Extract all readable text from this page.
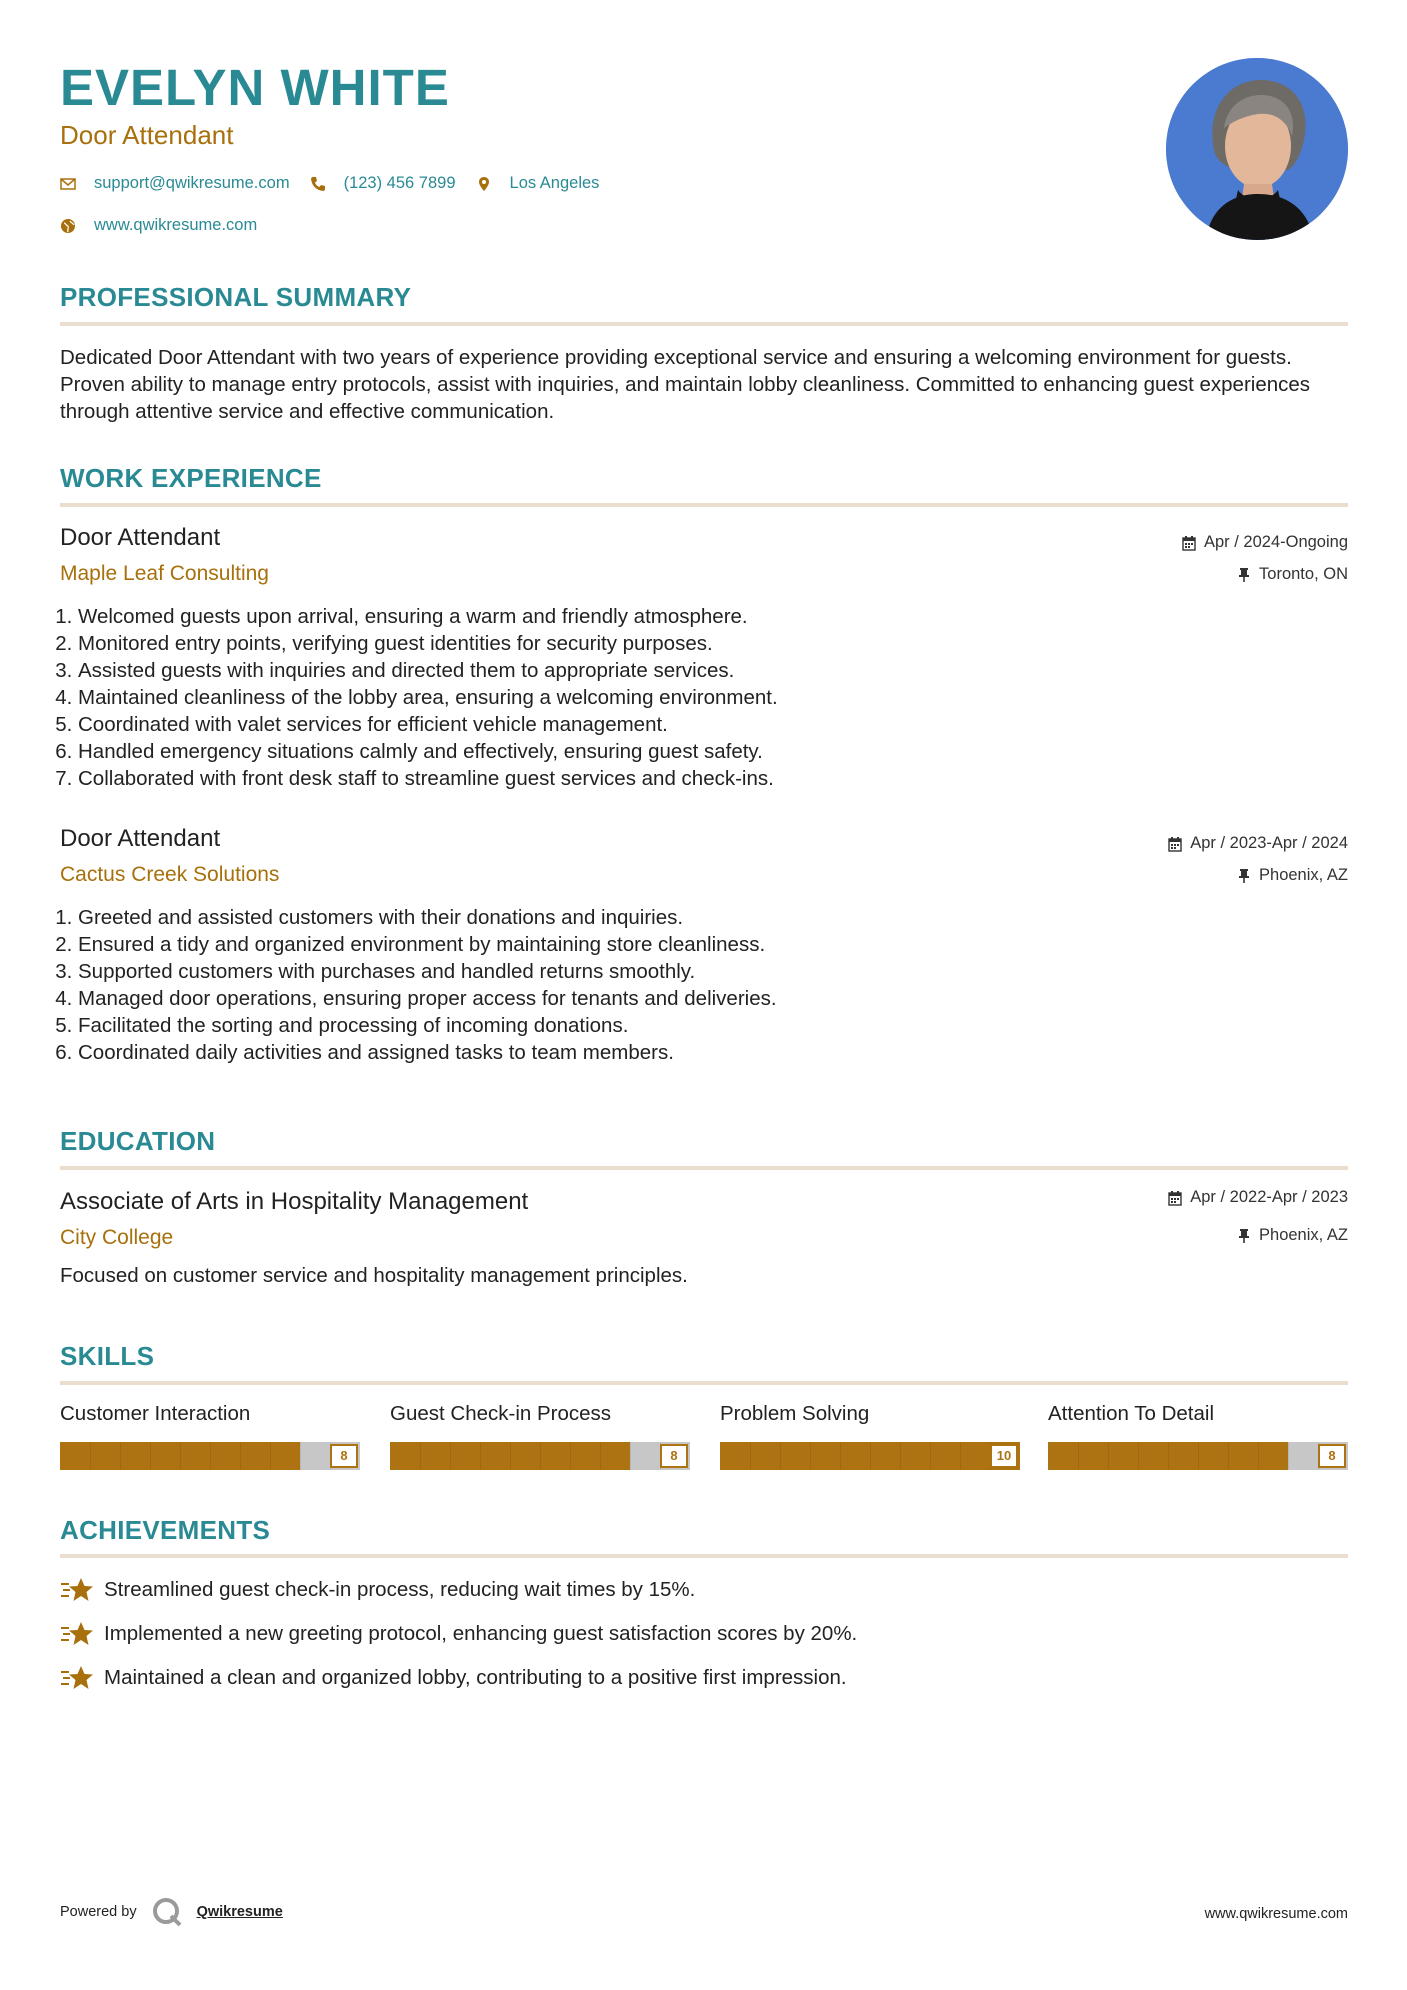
EVELYN WHITE
Door Attendant
support@qwikresume.com	(123) 456 7899	Los Angeles
www.qwikresume.com
PROFESSIONAL SUMMARY
Dedicated Door Attendant with two years of experience providing exceptional service and ensuring a welcoming environment for guests. Proven ability to manage entry protocols, assist with inquiries, and maintain lobby cleanliness. Committed to enhancing guest experiences through attentive service and effective communication.
WORK EXPERIENCE
Door Attendant
Maple Leaf Consulting
Apr / 2024-Ongoing
Toronto, ON
1. Welcomed guests upon arrival, ensuring a warm and friendly atmosphere.
2. Monitored entry points, verifying guest identities for security purposes.
3. Assisted guests with inquiries and directed them to appropriate services.
4. Maintained cleanliness of the lobby area, ensuring a welcoming environment.
5. Coordinated with valet services for efficient vehicle management.
6. Handled emergency situations calmly and effectively, ensuring guest safety.
7. Collaborated with front desk staff to streamline guest services and check-ins.
Door Attendant
Cactus Creek Solutions
Apr / 2023-Apr / 2024
Phoenix, AZ
1. Greeted and assisted customers with their donations and inquiries.
2. Ensured a tidy and organized environment by maintaining store cleanliness.
3. Supported customers with purchases and handled returns smoothly.
4. Managed door operations, ensuring proper access for tenants and deliveries.
5. Facilitated the sorting and processing of incoming donations.
6. Coordinated daily activities and assigned tasks to team members.
EDUCATION
Associate of Arts in Hospitality Management
City College
Apr / 2022-Apr / 2023
Phoenix, AZ
Focused on customer service and hospitality management principles.
SKILLS
Customer Interaction
8
Guest Check-in Process
8
Problem Solving
10
Attention To Detail
8
ACHIEVEMENTS
Streamlined guest check-in process, reducing wait times by 15%.
Implemented a new greeting protocol, enhancing guest satisfaction scores by 20%.
Maintained a clean and organized lobby, contributing to a positive first impression.
Powered by	Qwikresume	www.qwikresume.com
